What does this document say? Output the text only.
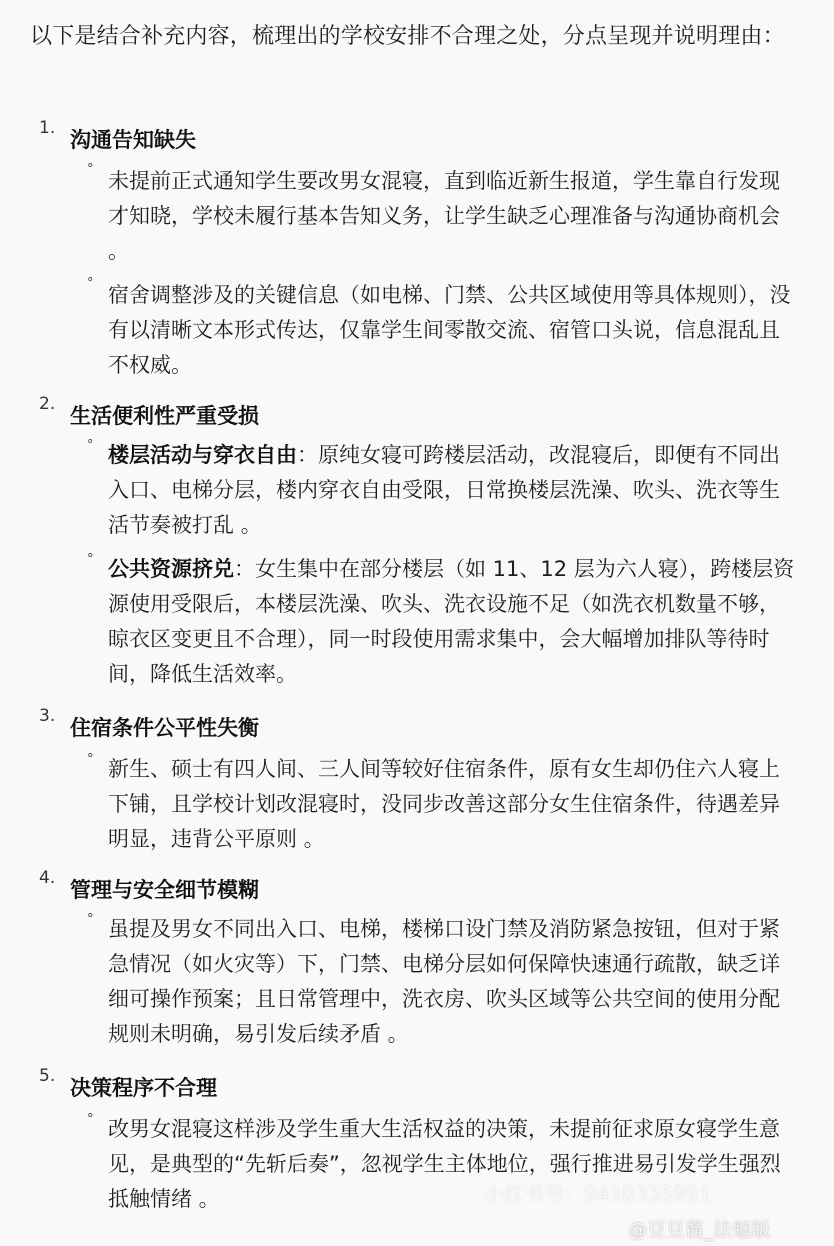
以下是结合补充内容，梳理出的学校安排不合理之处，分点呈现并说明理由：
1. 沟通告知缺失
° 未提前正式通知学生要改男女混寝，直到临近新生报道，学生靠自行发现才知晓，学校未履行基本告知义务，让学生缺乏心理准备与沟通协商机会 。
° 宿舍调整涉及的关键信息（如电梯、门禁、公共区域使用等具体规则），没有以清晰文本形式传达，仅靠学生间零散交流、宿管口头说，信息混乱且不权威。
2. 生活便利性严重受损
° 楼层活动与穿衣自由：原纯女寝可跨楼层活动，改混寝后，即便有不同出入口、电梯分层，楼内穿衣自由受限，日常换楼层洗澡、吹头、洗衣等生活节奏被打乱 。
° 公共资源挤兑：女生集中在部分楼层（如 11、12 层为六人寝），跨楼层资源使用受限后，本楼层洗澡、吹头、洗衣设施不足（如洗衣机数量不够，晾衣区变更且不合理），同一时段使用需求集中，会大幅增加排队等待时间，降低生活效率。
3. 住宿条件公平性失衡
° 新生、硕士有四人间、三人间等较好住宿条件，原有女生却仍住六人寝上下铺，且学校计划改混寝时，没同步改善这部分女生住宿条件，待遇差异明显，违背公平原则 。
4. 管理与安全细节模糊
° 虽提及男女不同出入口、电梯，楼梯口设门禁及消防紧急按钮，但对于紧急情况（如火灾等）下，门禁、电梯分层如何保障快速通行疏散，缺乏详细可操作预案；且日常管理中，洗衣房、吹头区域等公共空间的使用分配规则未明确，易引发后续矛盾 。
5. 决策程序不合理
° 改男女混寝这样涉及学生重大生活权益的决策，未提前征求原女寝学生意见，是典型的“先斩后奏”，忽视学生主体地位，强行推进易引发学生强烈抵触情绪 。	小红书号：9410335991
@豆豆酱_法魅版
